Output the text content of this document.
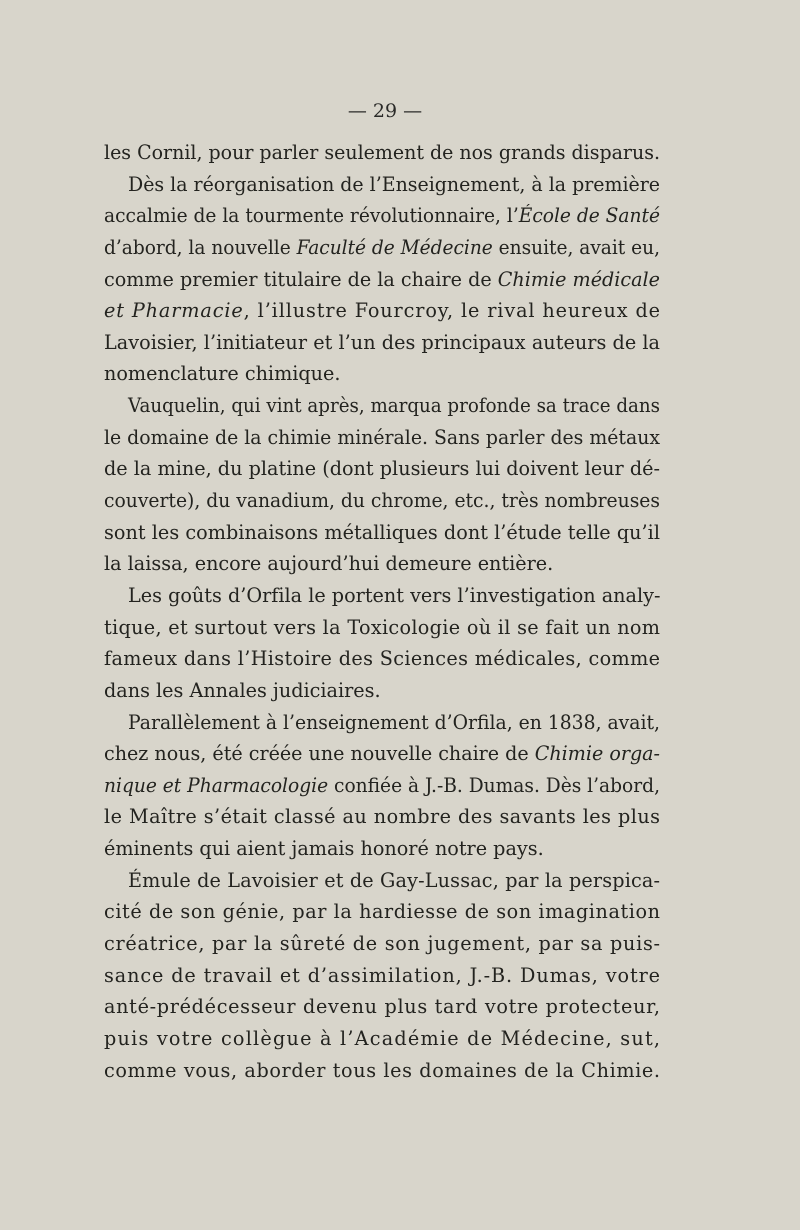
— 29 —
les Cornil, pour parler seulement de nos grands disparus.
Dès la réorganisation de l’Enseignement, à la première
accalmie de la tourmente révolutionnaire, l’École de Santé
d’abord, la nouvelle Faculté de Médecine ensuite, avait eu,
comme premier titulaire de la chaire de Chimie médicale
et Pharmacie, l’illustre Fourcroy, le rival heureux de
Lavoisier, l’initiateur et l’un des principaux auteurs de la
nomenclature chimique.
Vauquelin, qui vint après, marqua profonde sa trace dans
le domaine de la chimie minérale. Sans parler des métaux
de la mine, du platine (dont plusieurs lui doivent leur dé-
couverte), du vanadium, du chrome, etc., très nombreuses
sont les combinaisons métalliques dont l’étude telle qu’il
la laissa, encore aujourd’hui demeure entière.
Les goûts d’Orfila le portent vers l’investigation analy-
tique, et surtout vers la Toxicologie où il se fait un nom
fameux dans l’Histoire des Sciences médicales, comme
dans les Annales judiciaires.
Parallèlement à l’enseignement d’Orfila, en 1838, avait,
chez nous, été créée une nouvelle chaire de Chimie orga-
nique et Pharmacologie confiée à J.-B. Dumas. Dès l’abord,
le Maître s’était classé au nombre des savants les plus
éminents qui aient jamais honoré notre pays.
Émule de Lavoisier et de Gay-Lussac, par la perspica-
cité de son génie, par la hardiesse de son imagination
créatrice, par la sûreté de son jugement, par sa puis-
sance de travail et d’assimilation, J.-B. Dumas, votre
anté-prédécesseur devenu plus tard votre protecteur,
puis votre collègue à l’Académie de Médecine, sut,
comme vous, aborder tous les domaines de la Chimie.
